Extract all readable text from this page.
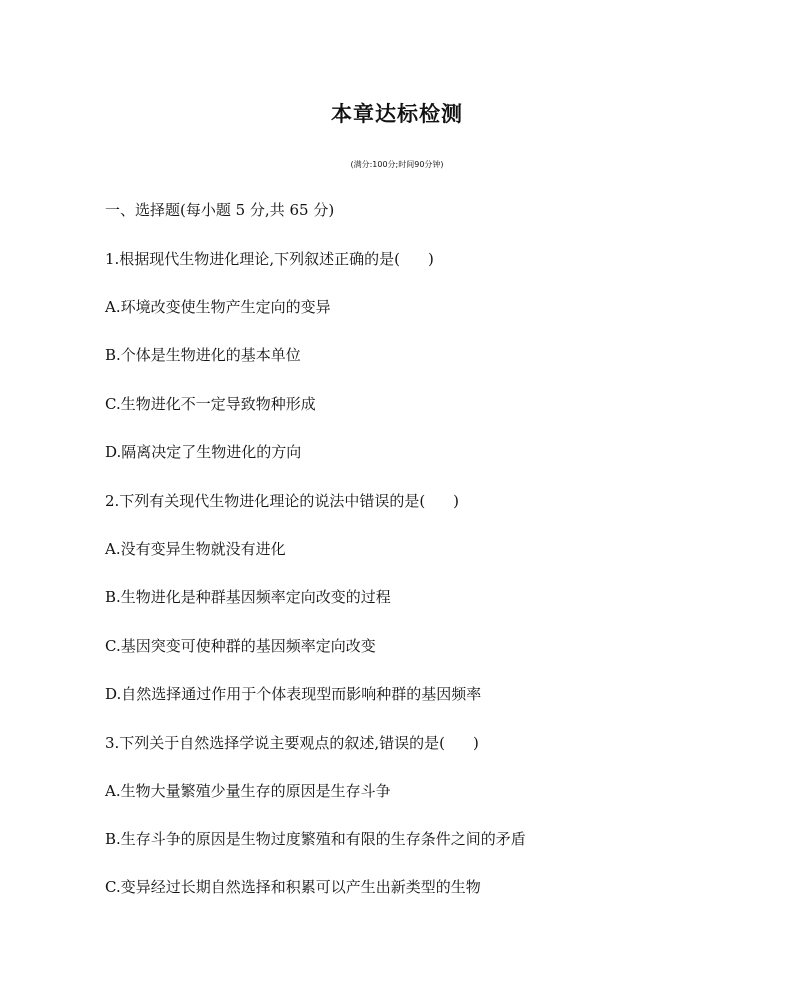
本章达标检测
(满分:100分;时间90分钟)
一、选择题(每小题 5 分,共 65 分)
1.根据现代生物进化理论,下列叙述正确的是( )
A.环境改变使生物产生定向的变异
B.个体是生物进化的基本单位
C.生物进化不一定导致物种形成
D.隔离决定了生物进化的方向
2.下列有关现代生物进化理论的说法中错误的是( )
A.没有变异生物就没有进化
B.生物进化是种群基因频率定向改变的过程
C.基因突变可使种群的基因频率定向改变
D.自然选择通过作用于个体表现型而影响种群的基因频率
3.下列关于自然选择学说主要观点的叙述,错误的是( )
A.生物大量繁殖少量生存的原因是生存斗争
B.生存斗争的原因是生物过度繁殖和有限的生存条件之间的矛盾
C.变异经过长期自然选择和积累可以产生出新类型的生物
